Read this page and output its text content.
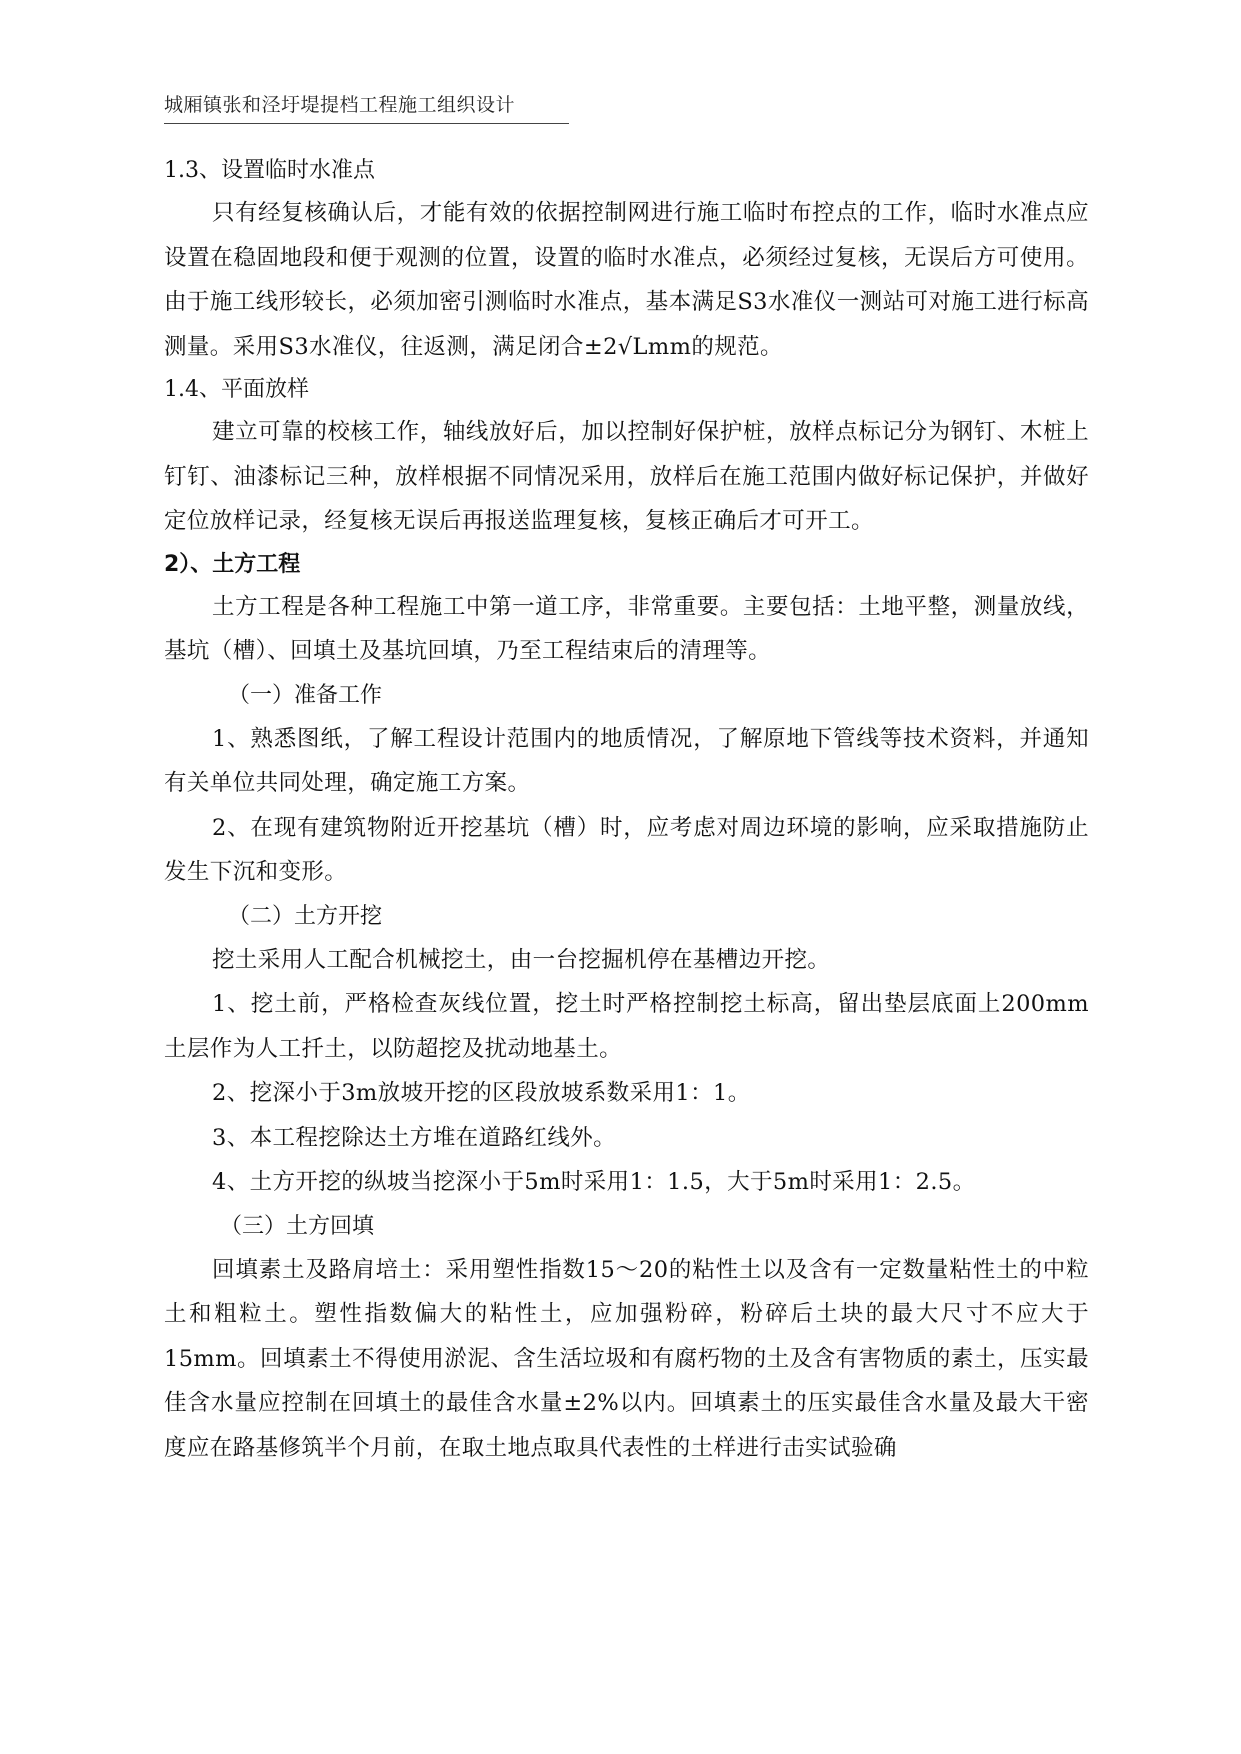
城厢镇张和泾圩堤提档工程施工组织设计

1.3、设置临时水准点

只有经复核确认后，才能有效的依据控制网进行施工临时布控点的工作，临时水准点应设置在稳固地段和便于观测的位置，设置的临时水准点，必须经过复核，无误后方可使用。由于施工线形较长，必须加密引测临时水准点，基本满足S3水准仪一测站可对施工进行标高测量。采用S3水准仪，往返测，满足闭合±2√Lmm的规范。

1.4、平面放样

建立可靠的校核工作，轴线放好后，加以控制好保护桩，放样点标记分为钢钉、木桩上钉钉、油漆标记三种，放样根据不同情况采用，放样后在施工范围内做好标记保护，并做好定位放样记录，经复核无误后再报送监理复核，复核正确后才可开工。

2）、土方工程

土方工程是各种工程施工中第一道工序，非常重要。主要包括：土地平整，测量放线，基坑（槽）、回填土及基坑回填，乃至工程结束后的清理等。

（一）准备工作

1、熟悉图纸，了解工程设计范围内的地质情况，了解原地下管线等技术资料，并通知有关单位共同处理，确定施工方案。

2、在现有建筑物附近开挖基坑（槽）时，应考虑对周边环境的影响，应采取措施防止发生下沉和变形。

（二）土方开挖

挖土采用人工配合机械挖土，由一台挖掘机停在基槽边开挖。

1、挖土前，严格检查灰线位置，挖土时严格控制挖土标高，留出垫层底面上200mm土层作为人工扦土，以防超挖及扰动地基土。

2、挖深小于3m放坡开挖的区段放坡系数采用1：1。

3、本工程挖除达土方堆在道路红线外。

4、土方开挖的纵坡当挖深小于5m时采用1：1.5，大于5m时采用1：2.5。

（三）土方回填

回填素土及路肩培土：采用塑性指数15～20的粘性土以及含有一定数量粘性土的中粒土和粗粒土。塑性指数偏大的粘性土，应加强粉碎，粉碎后土块的最大尺寸不应大于15mm。回填素土不得使用淤泥、含生活垃圾和有腐朽物的土及含有害物质的素土，压实最佳含水量应控制在回填土的最佳含水量±2%以内。回填素土的压实最佳含水量及最大干密度应在路基修筑半个月前，在取土地点取具代表性的土样进行击实试验确
